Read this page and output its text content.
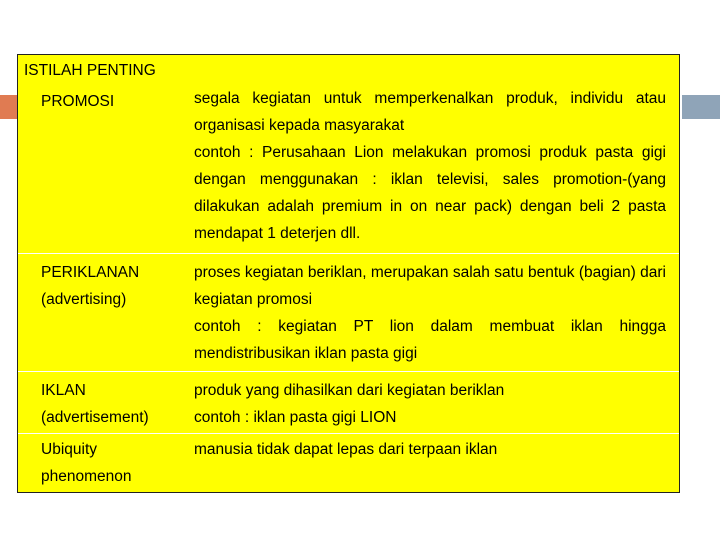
ISTILAH PENTING
PROMOSI	segala kegiatan untuk memperkenalkan produk, individu atau organisasi kepada masyarakat

contoh : Perusahaan Lion melakukan promosi produk pasta gigi dengan menggunakan : iklan televisi, sales promotion-(yang dilakukan adalah premium in on near pack) dengan beli 2 pasta mendapat 1 deterjen dll.

PERIKLANAN
(advertising)

proses kegiatan beriklan, merupakan salah satu bentuk (bagian) dari kegiatan promosi

contoh : kegiatan PT lion dalam membuat iklan hingga mendistribusikan iklan pasta gigi

IKLAN
(advertisement)

produk yang dihasilkan dari kegiatan beriklan

contoh : iklan pasta gigi LION

Ubiquity
phenomenon

manusia tidak dapat lepas dari terpaan iklan
